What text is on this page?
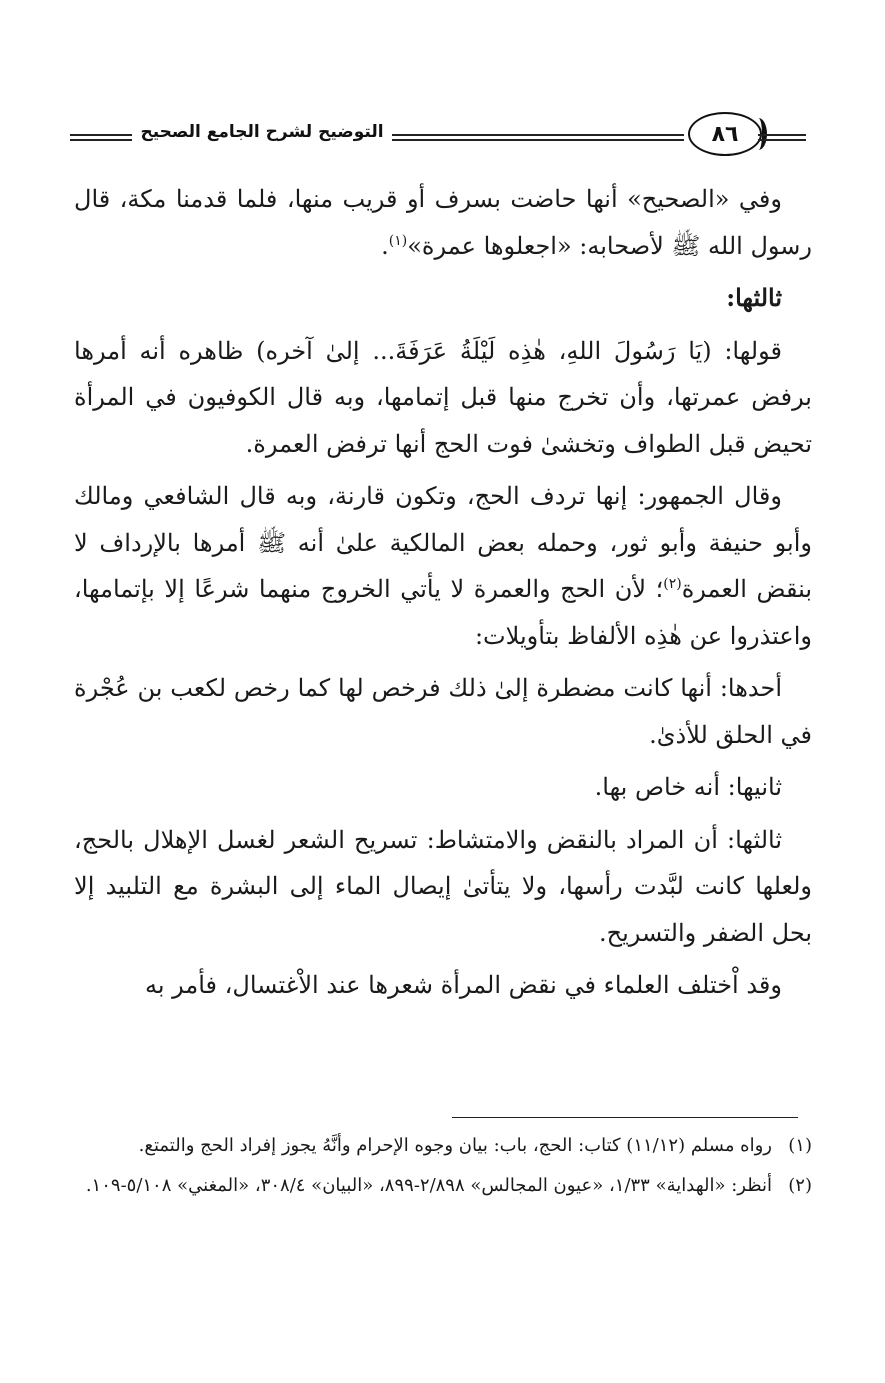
التوضيح لشرح الجامع الصحيح	٨٦

وفي «الصحيح» أنها حاضت بسرف أو قريب منها، فلما قدمنا مكة، قال رسول الله ﷺ لأصحابه: «اجعلوها عمرة»$^{(١)}$.

ثالثها:

قولها: (يَا رَسُولَ اللهِ، هٰذِه لَيْلَةُ عَرَفَةَ... إلىٰ آخره) ظاهره أنه أمرها برفض عمرتها، وأن تخرج منها قبل إتمامها، وبه قال الكوفيون في المرأة تحيض قبل الطواف وتخشىٰ فوت الحج أنها ترفض العمرة.

وقال الجمهور: إنها تردف الحج، وتكون قارنة، وبه قال الشافعي ومالك وأبو حنيفة وأبو ثور، وحمله بعض المالكية علىٰ أنه ﷺ أمرها بالإرداف لا بنقض العمرة$^{(٢)}$؛ لأن الحج والعمرة لا يأتي الخروج منهما شرعًا إلا بإتمامها، واعتذروا عن هٰذِه الألفاظ بتأويلات:

أحدها: أنها كانت مضطرة إلىٰ ذلك فرخص لها كما رخص لكعب بن عُجْرة في الحلق للأذىٰ.

ثانيها: أنه خاص بها.

ثالثها: أن المراد بالنقض والامتشاط: تسريح الشعر لغسل الإهلال بالحج، ولعلها كانت لبَّدت رأسها، ولا يتأتىٰ إيصال الماء إلى البشرة مع التلبيد إلا بحل الضفر والتسريح.

وقد اْختلف العلماء في نقض المرأة شعرها عند الاْغتسال، فأمر به

(١)
رواه مسلم (١١/١٢) كتاب: الحج، باب: بيان وجوه الإحرام وأنَّهُ يجوز إفراد الحج والتمتع.
(٢)
أنظر: «الهداية» ١/٣٣، «عيون المجالس» ٢/٨٩٨-٨٩٩، «البيان» ٣٠٨/٤، «المغني» ٥/١٠٨-١٠٩.
